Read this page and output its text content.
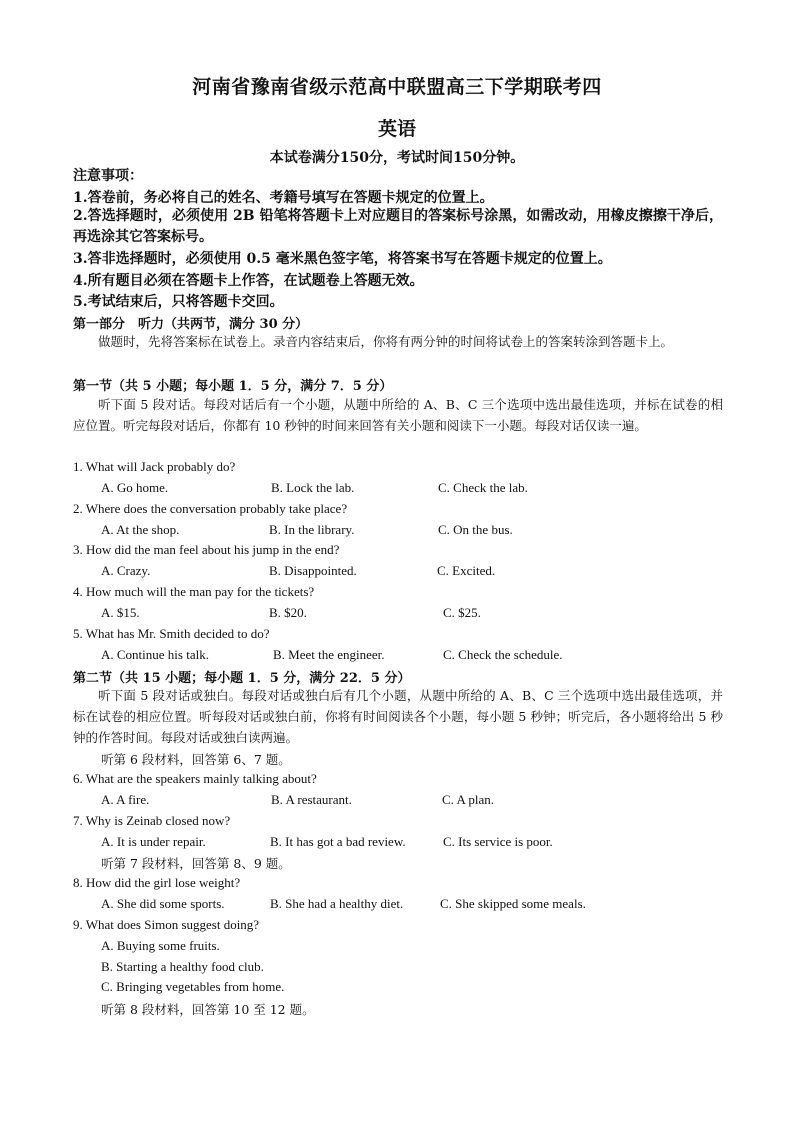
河南省豫南省级示范高中联盟高三下学期联考四
英语
本试卷满分150分，考试时间150分钟。
注意事项：
1.答卷前，务必将自己的姓名、考籍号填写在答题卡规定的位置上。
2.答选择题时，必须使用 2B 铅笔将答题卡上对应题目的答案标号涂黑，如需改动，用橡皮擦擦干净后，再选涂其它答案标号。
3.答非选择题时，必须使用 0.5 毫米黑色签字笔，将答案书写在答题卡规定的位置上。
4.所有题目必须在答题卡上作答，在试题卷上答题无效。
5.考试结束后，只将答题卡交回。
第一部分　听力（共两节，满分 30 分）
做题时，先将答案标在试卷上。录音内容结束后，你将有两分钟的时间将试卷上的答案转涂到答题卡上。
第一节（共 5 小题；每小题 1．5 分，满分 7．5 分）
听下面 5 段对话。每段对话后有一个小题，从题中所给的 A、B、C 三个选项中选出最佳选项，并标在试卷的相应位置。听完每段对话后，你都有 10 秒钟的时间来回答有关小题和阅读下一小题。每段对话仅读一遍。
1. What will Jack probably do?
A. Go home.	B. Lock the lab.	C. Check the lab.
2. Where does the conversation probably take place?
A. At the shop.	B. In the library.	C. On the bus.
3. How did the man feel about his jump in the end?
A. Crazy.	B. Disappointed.	C. Excited.
4. How much will the man pay for the tickets?
A. $15.	B. $20.	C. $25.
5. What has Mr. Smith decided to do?
A. Continue his talk.	B. Meet the engineer.	C. Check the schedule.
第二节（共 15 小题；每小题 1．5 分，满分 22．5 分）
听下面 5 段对话或独白。每段对话或独白后有几个小题，从题中所给的 A、B、C 三个选项中选出最佳选项，并标在试卷的相应位置。听每段对话或独白前，你将有时间阅读各个小题，每小题 5 秒钟；听完后，各小题将给出 5 秒钟的作答时间。每段对话或独白读两遍。
听第 6 段材料，回答第 6、7 题。
6. What are the speakers mainly talking about?
A. A fire.	B. A restaurant.	C. A plan.
7. Why is Zeinab closed now?
A. It is under repair.	B. It has got a bad review.	C. Its service is poor.
听第 7 段材料，回答第 8、9 题。
8. How did the girl lose weight?
A. She did some sports.	B. She had a healthy diet.	C. She skipped some meals.
9. What does Simon suggest doing?
A. Buying some fruits.
B. Starting a healthy food club.
C. Bringing vegetables from home.
听第 8 段材料，回答第 10 至 12 题。
